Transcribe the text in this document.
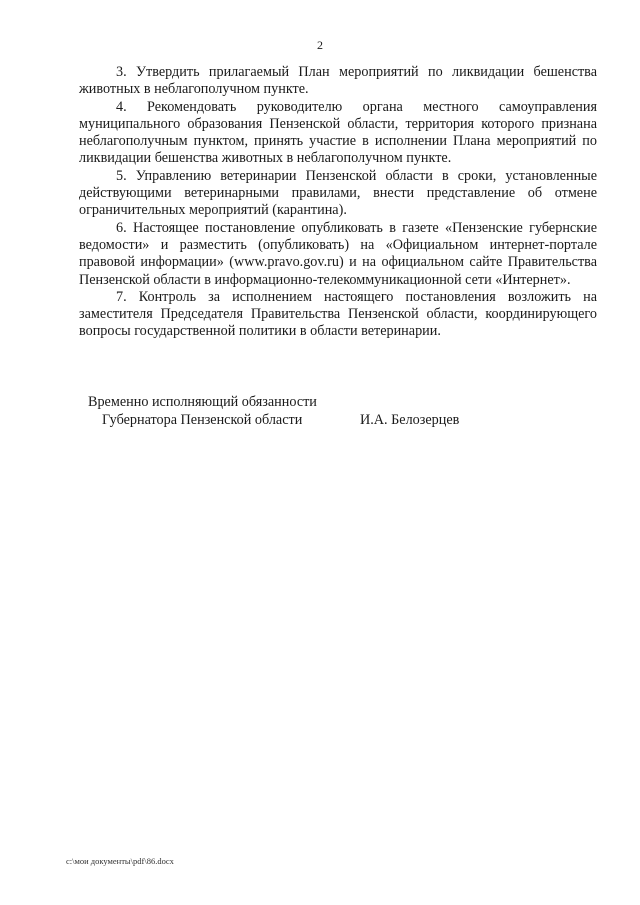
2

3. Утвердить прилагаемый План мероприятий по ликвидации бешенства животных в неблагополучном пункте.

4. Рекомендовать руководителю органа местного самоуправления муниципального образования Пензенской области, территория которого признана неблагополучным пунктом, принять участие в исполнении Плана мероприятий по ликвидации бешенства животных в неблагополучном пункте.

5. Управлению ветеринарии Пензенской области в сроки, установленные действующими ветеринарными правилами, внести представление об отмене ограничительных мероприятий (карантина).

6. Настоящее постановление опубликовать в газете «Пензенские губернские ведомости» и разместить (опубликовать) на «Официальном интернет-портале правовой информации» (www.pravo.gov.ru) и на официальном сайте Правительства Пензенской области в информационно-телекоммуникационной сети «Интернет».

7. Контроль за исполнением настоящего постановления возложить на заместителя Председателя Правительства Пензенской области, координирующего вопросы государственной политики в области ветеринарии.

Временно исполняющий обязанности
Губернатора Пензенской области	И.А. Белозерцев
c:\мои документы\pdf\86.docx
